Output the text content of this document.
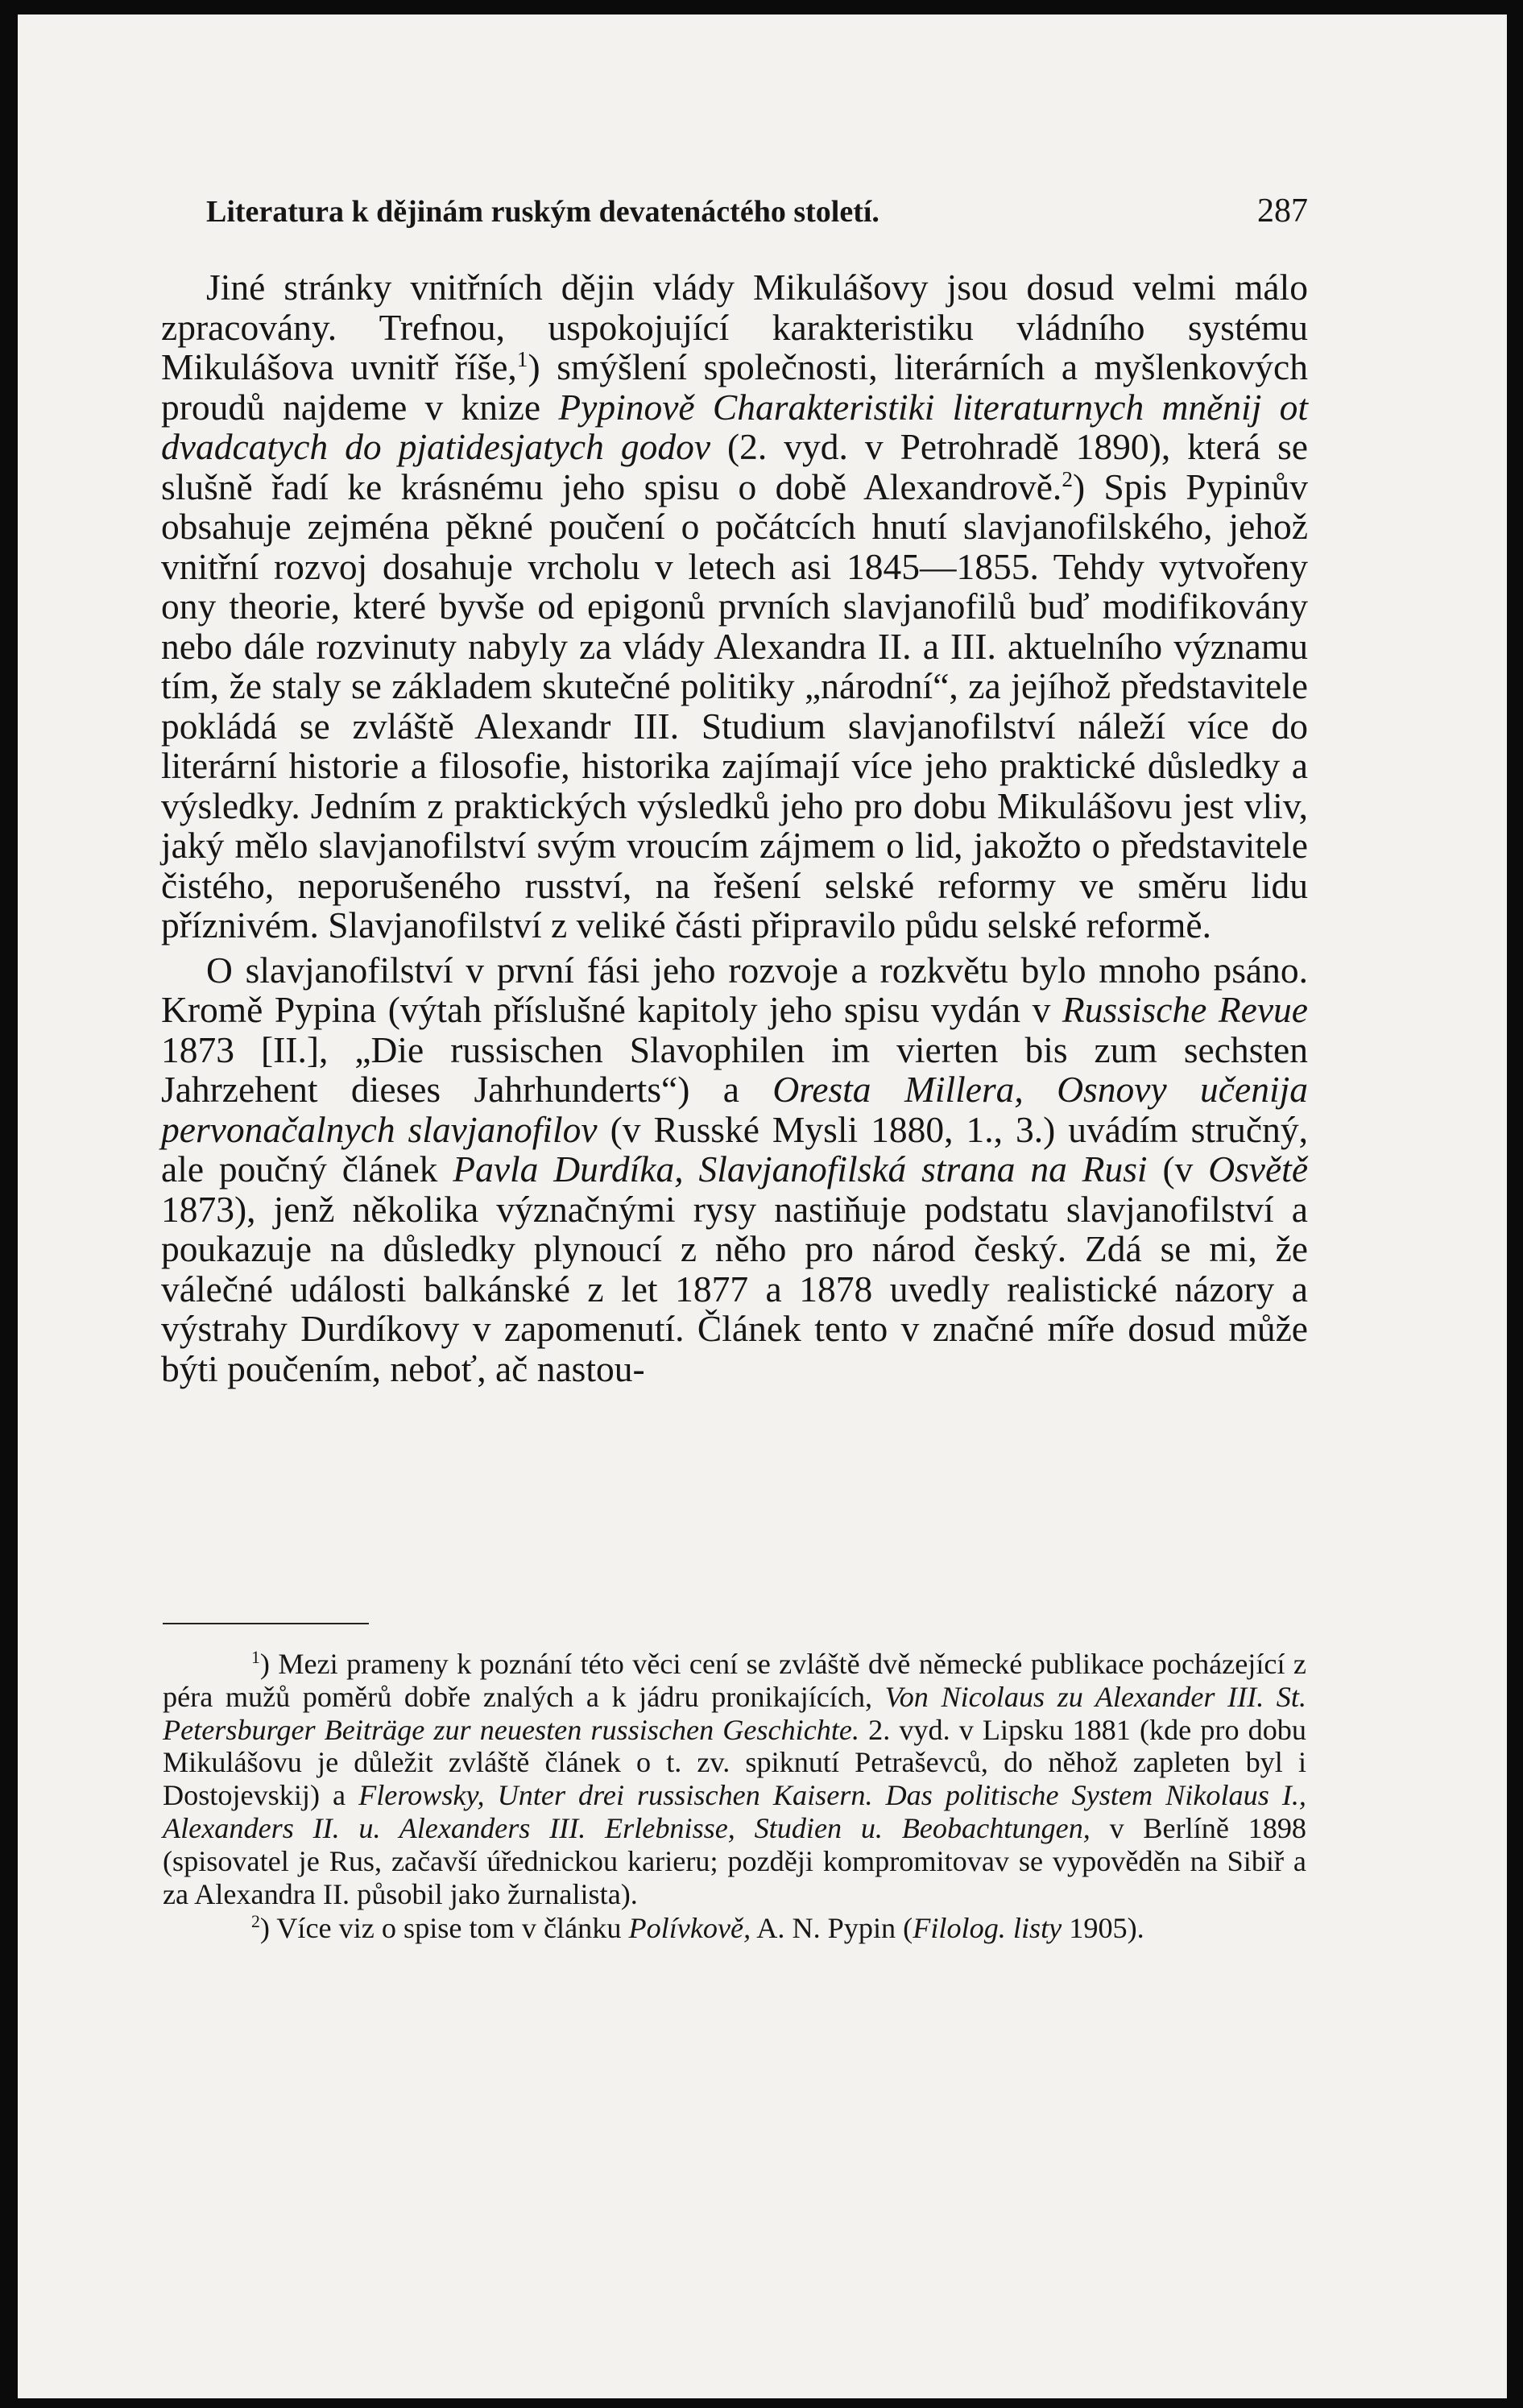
Literatura k dějinám ruským devatenáctého století.	287

Jiné stránky vnitřních dějin vlády Mikulášovy jsou dosud velmi málo zpracovány. Trefnou, uspokojující karakteristiku vládního systému Mikulášova uvnitř říše,$^1$) smýšlení společnosti, literárních a myšlenkových proudů najdeme v knize Pypinově Charakteristiki literaturnych mněnij ot dvadcatych do pjatidesjatych godov (2. vyd. v Petrohradě 1890), která se slušně řadí ke krásnému jeho spisu o době Alexandrově.$^2$) Spis Pypinův obsahuje zejména pěkné poučení o počátcích hnutí slavjanofilského, jehož vnitřní rozvoj dosahuje vrcholu v letech asi 1845—1855. Tehdy vytvořeny ony theorie, které byvše od epigonů prvních slavjanofilů buď modifikovány nebo dále rozvinuty nabyly za vlády Alexandra II. a III. aktuelního významu tím, že staly se základem skutečné politiky „národní“, za jejíhož představitele pokládá se zvláště Alexandr III. Studium slavjanofilství náleží více do literární historie a filosofie, historika zajímají více jeho praktické důsledky a výsledky. Jedním z praktických výsledků jeho pro dobu Mikulášovu jest vliv, jaký mělo slavjanofilství svým vroucím zájmem o lid, jakožto o představitele čistého, neporušeného rusství, na řešení selské reformy ve směru lidu příznivém. Slavjanofilství z veliké části připravilo půdu selské reformě.

O slavjanofilství v první fási jeho rozvoje a rozkvětu bylo mnoho psáno. Kromě Pypina (výtah příslušné kapitoly jeho spisu vydán v Russische Revue 1873 [II.], „Die russischen Slavophilen im vierten bis zum sechsten Jahrzehent dieses Jahrhunderts“) a Oresta Millera, Osnovy učenija pervonačalnych slavjanofilov (v Russké Mysli 1880, 1., 3.) uvádím stručný, ale poučný článek Pavla Durdíka, Slavjanofilská strana na Rusi (v Osvětě 1873), jenž několika význačnými rysy nastiňuje podstatu slavjanofilství a poukazuje na důsledky plynoucí z něho pro národ český. Zdá se mi, že válečné události balkánské z let 1877 a 1878 uvedly realistické názory a výstrahy Durdíkovy v zapomenutí. Článek tento v značné míře dosud může býti poučením, neboť, ač nastou-

$^1$) Mezi prameny k poznání této věci cení se zvláště dvě německé publikace pocházející z péra mužů poměrů dobře znalých a k jádru pronikajících, Von Nicolaus zu Alexander III. St. Petersburger Beiträge zur neuesten russischen Geschichte. 2. vyd. v Lipsku 1881 (kde pro dobu Mikulášovu je důležit zvláště článek o t. zv. spiknutí Petraševců, do něhož zapleten byl i Dostojevskij) a Flerowsky, Unter drei russischen Kaisern. Das politische System Nikolaus I., Alexanders II. u. Alexanders III. Erlebnisse, Studien u. Beobachtungen, v Berlíně 1898 (spisovatel je Rus, začavší úřednickou karieru; později kompromitovav se vypověděn na Sibiř a za Alexandra II. působil jako žurnalista).

$^2$) Více viz o spise tom v článku Polívkově, A. N. Pypin (Filolog. listy 1905).
